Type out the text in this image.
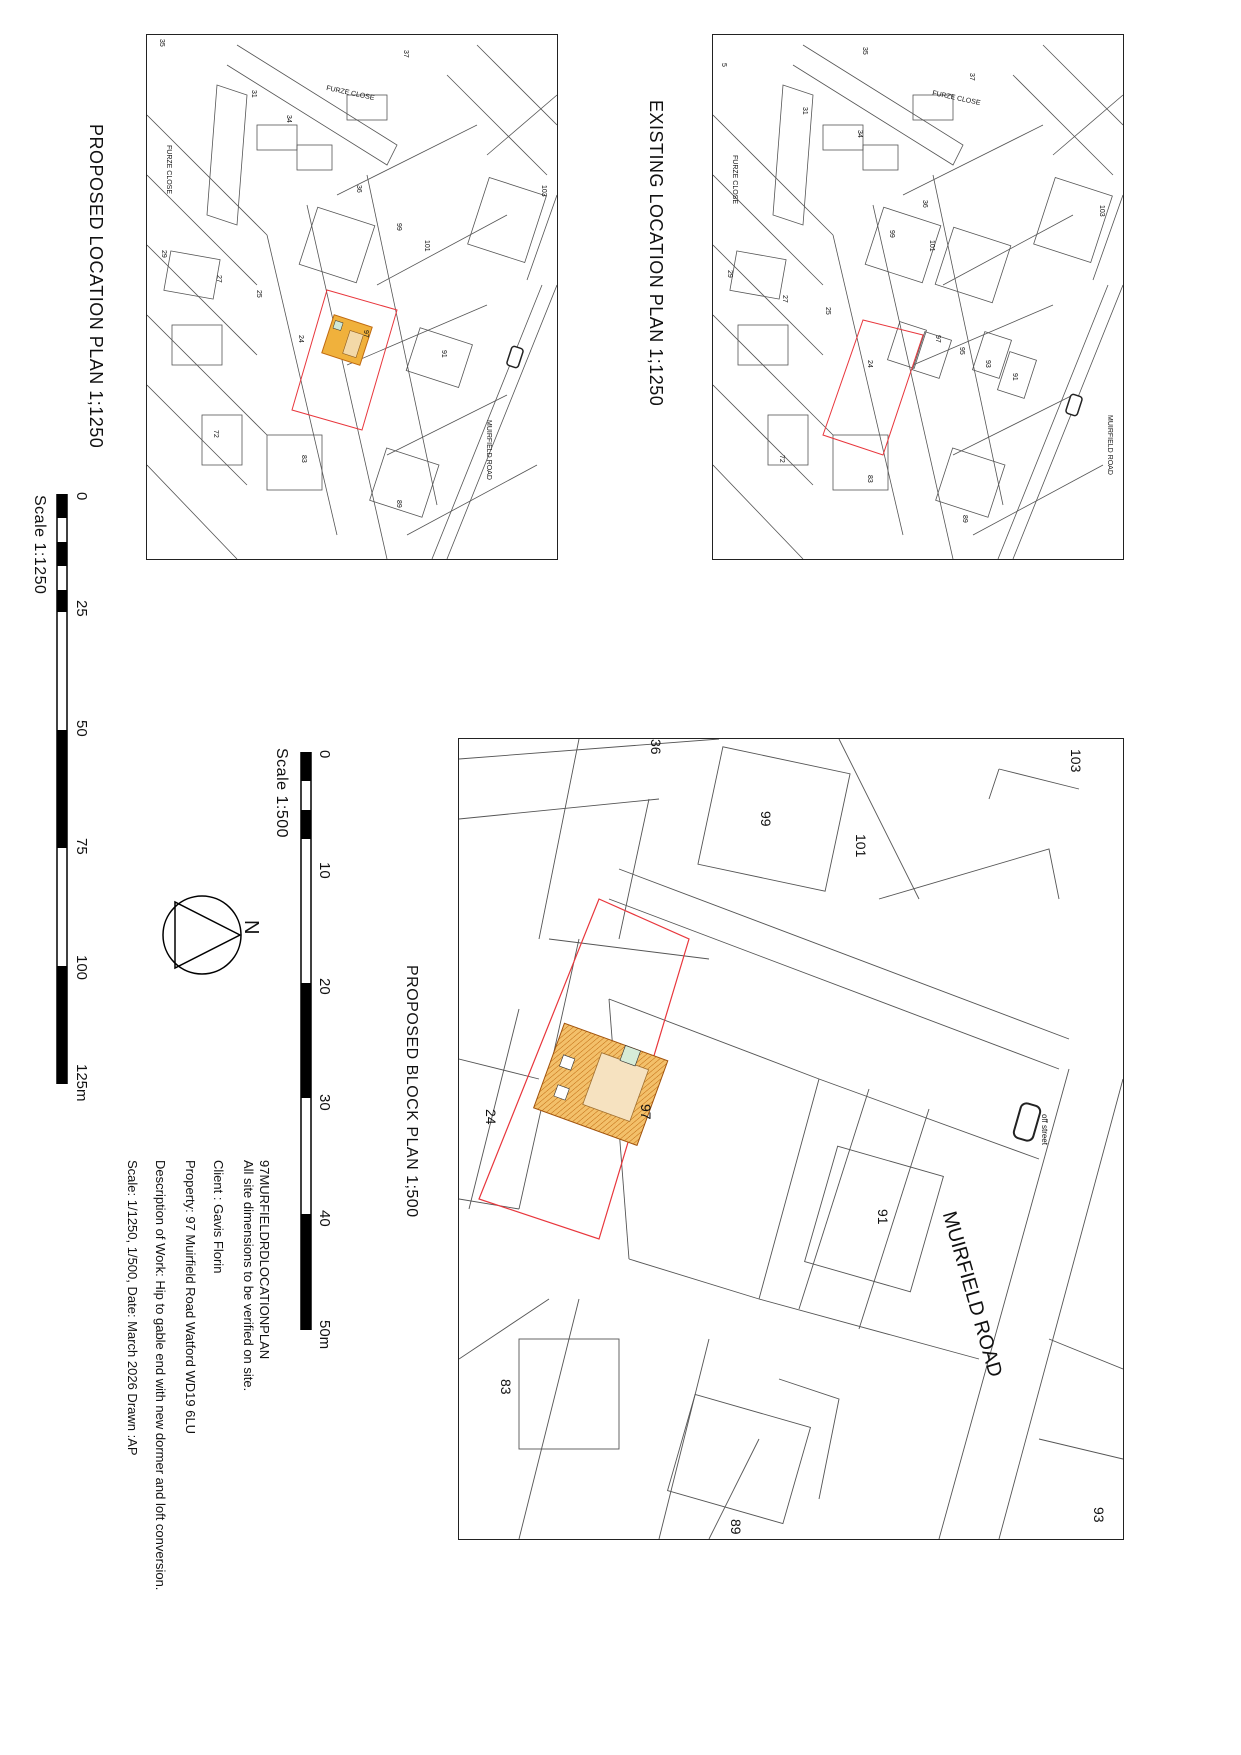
MUIRFIELD ROAD
FURZE CLOSE
FURZE CLOSE
37
35
31
34
36
99
101
103
29
27
25
24
97
95
93
91
72
83
89
5
MUIRFIELD ROAD
FURZE CLOSE
FURZE CLOSE
37
35
31
34
36
99
101
103
29
27
25
24
97
91
72
83
89
EXISTING LOCATION PLAN 1;1250
PROPOSED LOCATION PLAN 1;1250
MUIRFIELD ROAD
off street
36
99
101
103
24	97
91
83
89
93
PROPOSED BLOCK PLAN 1;500
0
10
20
30
40
50m
Scale 1:500
N
0
25
50
75
100
125m
Scale 1:1250
97MURFIELDRDLOCATIONPLAN
All site dimensions to be verified on site.
Client : Gavis Florin
Property: 97 Muirfield Road Watford WD19 6LU
Description of Work: Hip to gable end with new dormer and loft conversion.
Scale: 1/1250, 1/500, Date: March 2026 Drawn :AP
